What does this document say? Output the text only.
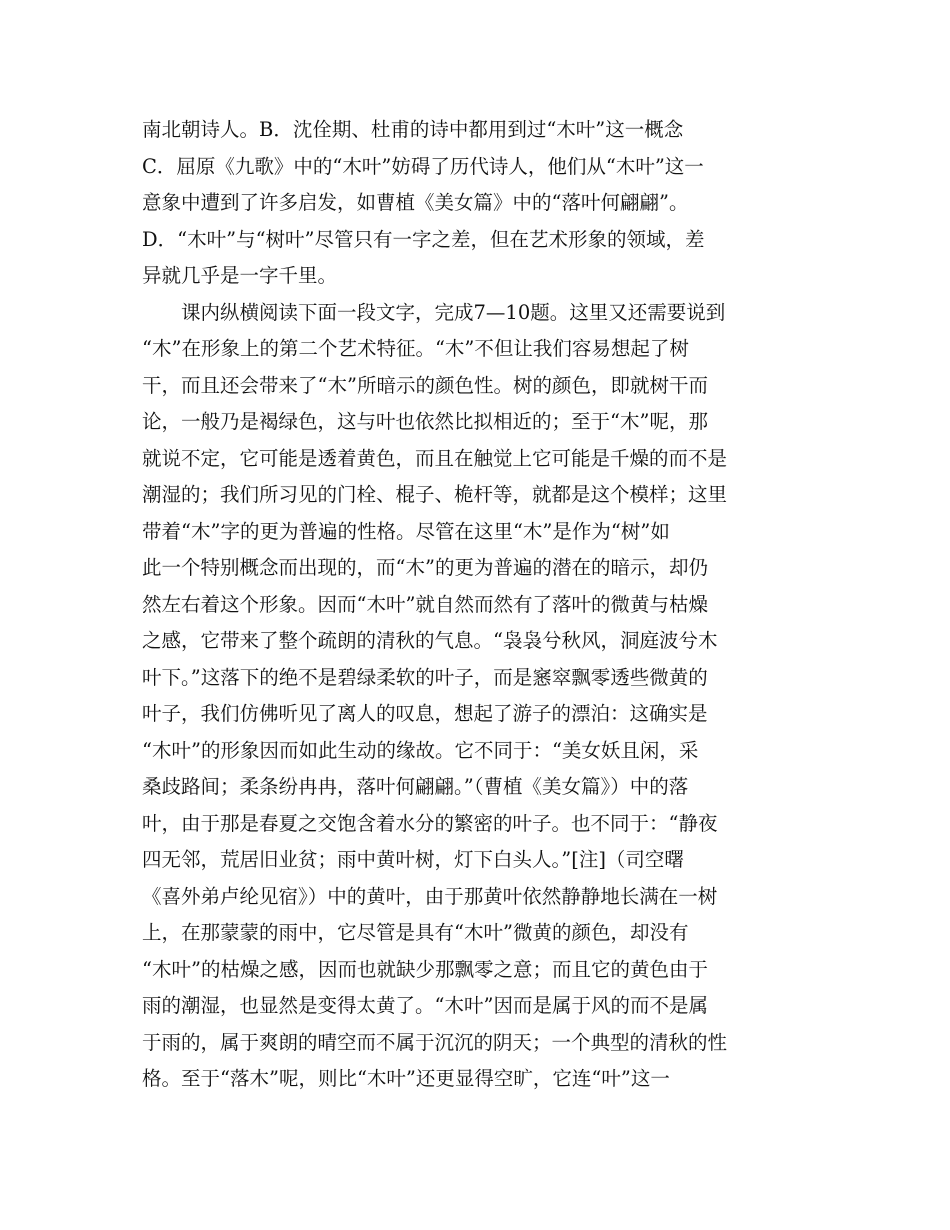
南北朝诗人。B．沈佺期、杜甫的诗中都用到过“木叶”这一概念
C．屈原《九歌》中的“木叶”妨碍了历代诗人，他们从“木叶”这一
意象中遭到了许多启发，如曹植《美女篇》中的“落叶何翩翩”。
D．“木叶”与“树叶”尽管只有一字之差，但在艺术形象的领域，差
异就几乎是一字千里。
　　课内纵横阅读下面一段文字，完成7—10题。这里又还需要说到
“木”在形象上的第二个艺术特征。“木”不但让我们容易想起了树
干，而且还会带来了“木”所暗示的颜色性。树的颜色，即就树干而
论，一般乃是褐绿色，这与叶也依然比拟相近的；至于“木”呢，那
就说不定，它可能是透着黄色，而且在触觉上它可能是千燥的而不是
潮湿的；我们所习见的门栓、棍子、桅杆等，就都是这个模样；这里
带着“木”字的更为普遍的性格。尽管在这里“木”是作为“树”如
此一个特别概念而出现的，而“木”的更为普遍的潜在的暗示，却仍
然左右着这个形象。因而“木叶”就自然而然有了落叶的微黄与枯燥
之感，它带来了整个疏朗的清秋的气息。“袅袅兮秋风，洞庭波兮木
叶下。”这落下的绝不是碧绿柔软的叶子，而是窸窣飘零透些微黄的
叶子，我们仿佛听见了离人的叹息，想起了游子的漂泊：这确实是
“木叶”的形象因而如此生动的缘故。它不同于：“美女妖且闲，采
桑歧路间；柔条纷冉冉，落叶何翩翩。”（曹植《美女篇》）中的落
叶，由于那是春夏之交饱含着水分的繁密的叶子。也不同于：“静夜
四无邻，荒居旧业贫；雨中黄叶树，灯下白头人。”[注]（司空曙
《喜外弟卢纶见宿》）中的黄叶，由于那黄叶依然静静地长满在一树
上，在那蒙蒙的雨中，它尽管是具有“木叶”微黄的颜色，却没有
“木叶”的枯燥之感，因而也就缺少那飘零之意；而且它的黄色由于
雨的潮湿，也显然是变得太黄了。“木叶”因而是属于风的而不是属
于雨的，属于爽朗的晴空而不属于沉沉的阴天；一个典型的清秋的性
格。至于“落木”呢，则比“木叶”还更显得空旷，它连“叶”这一
